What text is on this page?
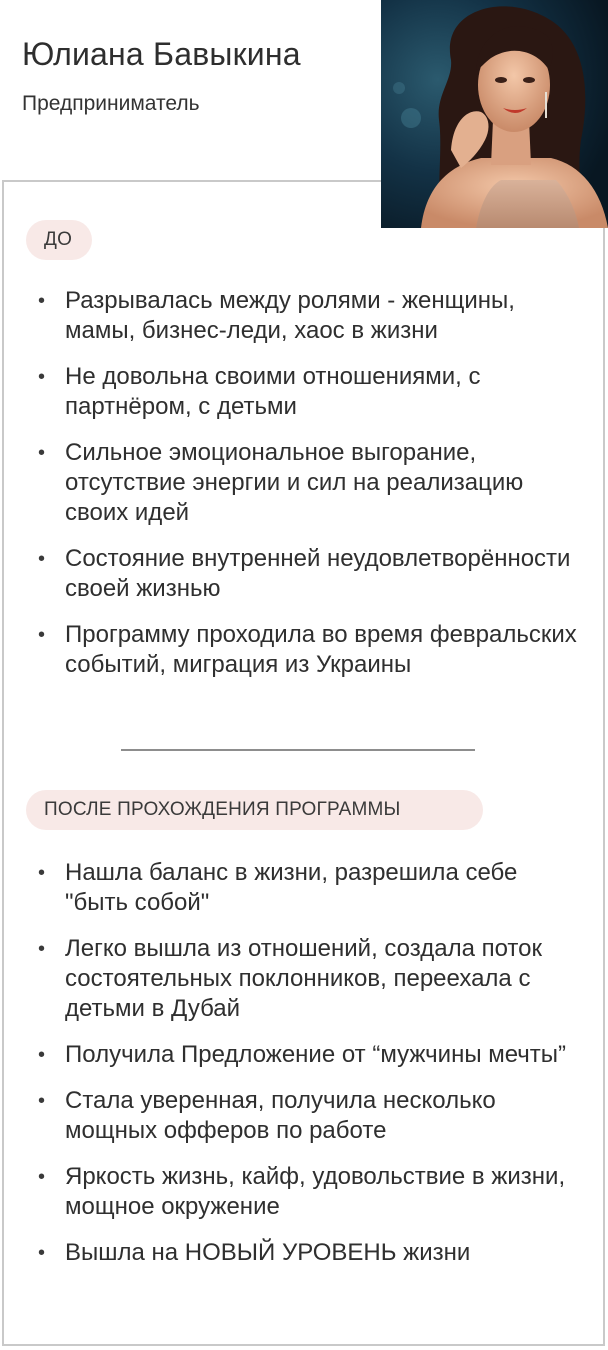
Юлиана Бавыкина
Предприниматель
ДО
• Разрывалась между ролями - женщины, мамы, бизнес-леди, хаос в жизни
• Не довольна своими отношениями, с партнёром, с детьми
• Сильное эмоциональное выгорание, отсутствие энергии и сил на реализацию своих идей
• Состояние внутренней неудовлетворённости своей жизнью
• Программу проходила во время февральских событий, миграция из Украины
ПОСЛЕ ПРОХОЖДЕНИЯ ПРОГРАММЫ
• Нашла баланс в жизни, разрешила себе "быть собой"
• Легко вышла из отношений, создала поток состоятельных поклонников, переехала с детьми в Дубай
• Получила Предложение от “мужчины мечты”
• Стала уверенная, получила несколько мощных офферов по работе
• Яркость жизнь, кайф, удовольствие в жизни, мощное окружение
• Вышла на НОВЫЙ УРОВЕНЬ жизни
